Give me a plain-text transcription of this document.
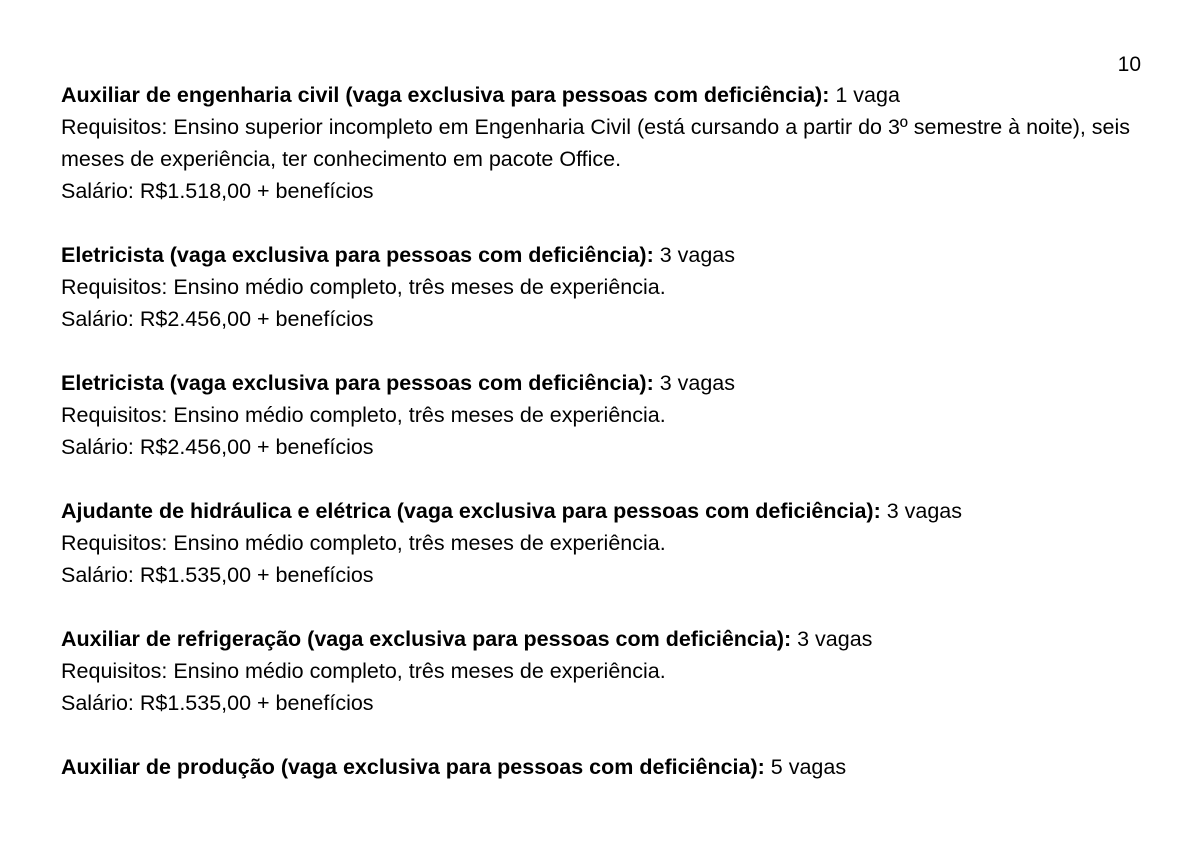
10

Auxiliar de engenharia civil (vaga exclusiva para pessoas com deficiência): 1 vaga

Requisitos: Ensino superior incompleto em Engenharia Civil (está cursando a partir do 3º semestre à noite), seis meses de experiência, ter conhecimento em pacote Office.

Salário: R$1.518,00 + benefícios

Eletricista (vaga exclusiva para pessoas com deficiência): 3 vagas

Requisitos: Ensino médio completo, três meses de experiência.

Salário: R$2.456,00 + benefícios

Eletricista (vaga exclusiva para pessoas com deficiência): 3 vagas

Requisitos: Ensino médio completo, três meses de experiência.

Salário: R$2.456,00 + benefícios

Ajudante de hidráulica e elétrica (vaga exclusiva para pessoas com deficiência): 3 vagas

Requisitos: Ensino médio completo, três meses de experiência.

Salário: R$1.535,00 + benefícios

Auxiliar de refrigeração (vaga exclusiva para pessoas com deficiência): 3 vagas

Requisitos: Ensino médio completo, três meses de experiência.

Salário: R$1.535,00 + benefícios

Auxiliar de produção (vaga exclusiva para pessoas com deficiência): 5 vagas
